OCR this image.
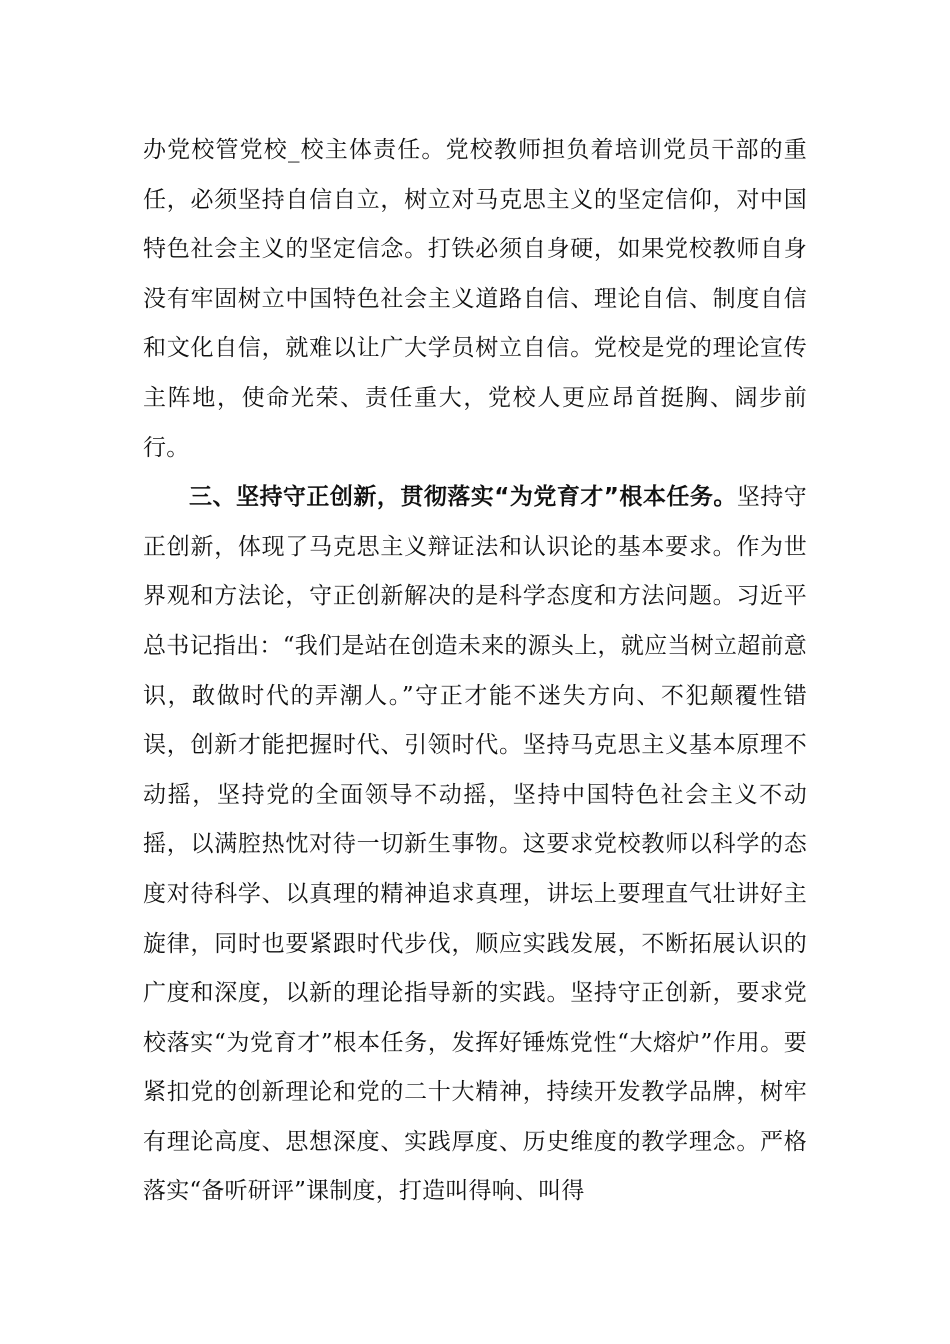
办党校管党校_校主体责任。党校教师担负着培训党员干部的重任，必须坚持自信自立，树立对马克思主义的坚定信仰，对中国特色社会主义的坚定信念。打铁必须自身硬，如果党校教师自身没有牢固树立中国特色社会主义道路自信、理论自信、制度自信和文化自信，就难以让广大学员树立自信。党校是党的理论宣传主阵地，使命光荣、责任重大，党校人更应昂首挺胸、阔步前行。

三、坚持守正创新，贯彻落实“为党育才”根本任务。坚持守正创新，体现了马克思主义辩证法和认识论的基本要求。作为世界观和方法论，守正创新解决的是科学态度和方法问题。习近平总书记指出：“我们是站在创造未来的源头上，就应当树立超前意识，敢做时代的弄潮人。”守正才能不迷失方向、不犯颠覆性错误，创新才能把握时代、引领时代。坚持马克思主义基本原理不动摇，坚持党的全面领导不动摇，坚持中国特色社会主义不动摇，以满腔热忱对待一切新生事物。这要求党校教师以科学的态度对待科学、以真理的精神追求真理，讲坛上要理直气壮讲好主旋律，同时也要紧跟时代步伐，顺应实践发展，不断拓展认识的广度和深度，以新的理论指导新的实践。坚持守正创新，要求党校落实“为党育才”根本任务，发挥好锤炼党性“大熔炉”作用。要紧扣党的创新理论和党的二十大精神，持续开发教学品牌，树牢有理论高度、思想深度、实践厚度、历史维度的教学理念。严格落实“备听研评”课制度，打造叫得响、叫得
